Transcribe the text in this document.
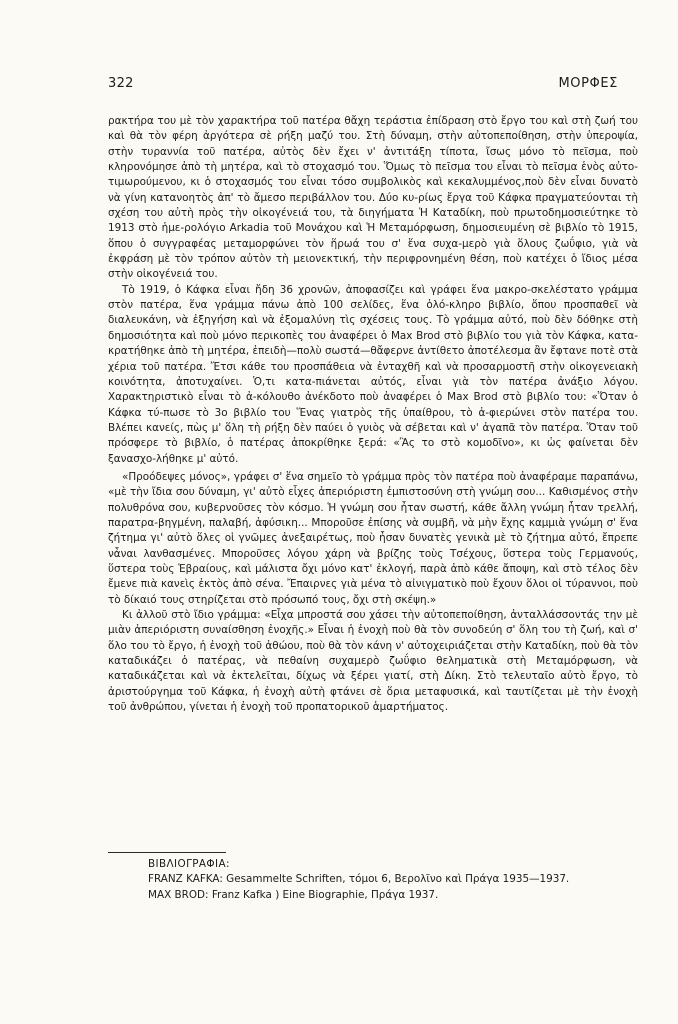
322	ΜΟΡΦΕΣ

ρακτήρα του μὲ τὸν χαρακτήρα τοῦ πατέρα θἄχη τεράστια ἐπίδραση στὸ ἔργο του καὶ στὴ ζωή του καὶ θὰ τὸν φέρη ἀργότερα σὲ ρήξη μαζύ του. Στὴ δύναμη, στὴν αὐτοπεποίθηση, στὴν ὑπεροψία, στὴν τυραννία τοῦ πατέρα, αὐτὸς δὲν ἔχει ν' ἀντιτάξη τίποτα, ἴσως μόνο τὸ πεῖσμα, ποὺ κληρονόμησε ἀπὸ τὴ μητέρα, καὶ τὸ στοχασμό του. Ὅμως τὸ πεῖσμα του εἶναι τὸ πεῖσμα ἑνὸς αὐτο-τιμωρούμενου, κι ὁ στοχασμός του εἶναι τόσο συμβολικὸς καὶ κεκαλυμμένος,ποὺ δὲν εἶναι δυνατὸ νὰ γίνη κατανοητὸς ἀπ' τὸ ἄμεσο περιβάλλον του. Δύο κυ-ρίως ἔργα τοῦ Κάφκα πραγματεύονται τὴ σχέση του αὐτὴ πρὸς τὴν οἰκογένειά του, τὰ διηγήματα Ἡ Καταδίκη, ποὺ πρωτοδημοσιεύτηκε τὸ 1913 στὸ ἡμε-ρολόγιο Arkadia τοῦ Μονάχου καὶ Ἡ Μεταμόρφωση, δημοσιευμένη σὲ βιβλίο τὸ 1915, ὅπου ὁ συγγραφέας μεταμορφώνει τὸν ἥρωά του σ' ἕνα συχα-μερὸ γιὰ ὅλους ζωΰφιο, γιὰ νὰ ἐκφράση μὲ τὸν τρόπον αὐτὸν τὴ μειονεκτική, τὴν περιφρονημένη θέση, ποὺ κατέχει ὁ ἴδιος μέσα στὴν οἰκογένειά του.

Τὸ 1919, ὁ Κάφκα εἶναι ἤδη 36 χρονῶν, ἀποφασίζει καὶ γράφει ἕνα μακρο-σκελέστατο γράμμα στὸν πατέρα, ἕνα γράμμα πάνω ἀπὸ 100 σελίδες, ἕνα ὁλό-κληρο βιβλίο, ὅπου προσπαθεῖ νὰ διαλευκάνη, νὰ ἐξηγήση καὶ νὰ ἐξομαλύνη τὶς σχέσεις τους. Τὸ γράμμα αὐτό, ποὺ δὲν δόθηκε στὴ δημοσιότητα καὶ ποὺ μόνο περικοπὲς του ἀναφέρει ὁ Max Brod στὸ βιβλίο του γιὰ τὸν Κάφκα, κατα-κρατήθηκε ἀπὸ τὴ μητέρα, ἐπειδὴ—πολὺ σωστά—θἄφερνε ἀντίθετο ἀποτέλεσμα ἂν ἔφτανε ποτὲ στὰ χέρια τοῦ πατέρα. Ἔτσι κάθε του προσπάθεια νὰ ἐνταχθῆ καὶ νὰ προσαρμοστῆ στὴν οἰκογενειακὴ κοινότητα, ἀποτυχαίνει. Ὁ,τι κατα-πιάνεται αὐτός, εἶναι γιὰ τὸν πατέρα ἀνάξιο λόγου. Χαρακτηριστικὸ εἶναι τὸ ἀ-κόλουθο ἀνέκδοτο ποὺ ἀναφέρει ὁ Max Brod στὸ βιβλίο του: «Ὅταν ὁ Κάφκα τύ-πωσε τὸ 3ο βιβλίο του Ἕνας γιατρὸς τῆς ὑπαίθρου, τὸ ἀ-φιερώνει στὸν πατέρα του. Βλέπει κανείς, πὼς μ' ὅλη τὴ ρήξη δὲν παύει ὁ γυιὸς νὰ σέβεται καὶ ν' ἀγαπᾶ τὸν πατέρα. Ὅταν τοῦ πρόσφερε τὸ βιβλίο, ὁ πατέρας ἀποκρίθηκε ξερά: «Ἂς το στὸ κομοδῖνο», κι ὡς φαίνεται δὲν ξανασχο-λήθηκε μ' αὐτό.

«Προόδεψες μόνος», γράφει σ' ἕνα σημεῖο τὸ γράμμα πρὸς τὸν πατέρα ποὺ ἀναφέραμε παραπάνω, «μὲ τὴν ἴδια σου δύναμη, γι' αὐτὸ εἶχες ἀπεριόριστη ἐμπιστοσύνη στὴ γνώμη σου... Καθισμένος στὴν πολυθρόνα σου, κυβερνοῦσες τὸν κόσμο. Ἡ γνώμη σου ἦταν σωστή, κάθε ἄλλη γνώμη ἦταν τρελλή, παρατρα-βηγμένη, παλαβή, ἀφύσικη... Μποροῦσε ἐπίσης νὰ συμβῆ, νὰ μὴν ἔχης καμμιὰ γνώμη σ' ἕνα ζήτημα γι' αὐτὸ ὅλες οἱ γνῶμες ἀνεξαιρέτως, ποὺ ἦσαν δυνατὲς γενικὰ μὲ τὸ ζήτημα αὐτό, ἔπρεπε νἆναι λανθασμένες. Μποροῦσες λόγου χάρη νὰ βρίζης τοὺς Τσέχους, ὕστερα τοὺς Γερμανούς, ὕστερα τοὺς Ἑβραίους, καὶ μάλιστα ὄχι μόνο κατ' ἐκλογή, παρὰ ἀπὸ κάθε ἄποψη, καὶ στὸ τέλος δὲν ἔμενε πιὰ κανεὶς ἐκτὸς ἀπὸ σένα. Ἔπαιρνες γιὰ μένα τὸ αἰνιγματικὸ ποὺ ἔχουν ὅλοι οἱ τύραννοι, ποὺ τὸ δίκαιό τους στηρίζεται στὸ πρόσωπό τους, ὄχι στὴ σκέψη.»

Κι ἀλλοῦ στὸ ἴδιο γράμμα: «Εἶχα μπροστά σου χάσει τὴν αὐτοπεποίθηση, ἀνταλλάσσοντάς την μὲ μιὰν ἀπεριόριστη συναίσθηση ἐνοχῆς.» Εἶναι ἡ ἐνοχὴ ποὺ θὰ τὸν συνοδεύη σ' ὅλη του τὴ ζωή, καὶ σ' ὅλο του τὸ ἔργο, ἡ ἐνοχὴ τοῦ ἀθώου, ποὺ θὰ τὸν κάνη ν' αὐτοχειριάζεται στὴν Καταδίκη, ποὺ θὰ τὸν καταδικάζει ὁ πατέρας, νὰ πεθαίνη συχαμερὸ ζωΰφιο θεληματικὰ στὴ Μεταμόρφωση, νὰ καταδικάζεται καὶ νὰ ἐκτελεῖται, δίχως νὰ ξέρει γιατί, στὴ Δίκη. Στὸ τελευταῖο αὐτὸ ἔργο, τὸ ἀριστούργημα τοῦ Κάφκα, ἡ ἐνοχὴ αὐτὴ φτάνει σὲ ὅρια μεταφυσικά, καὶ ταυτίζεται μὲ τὴν ἐνοχὴ τοῦ ἀνθρώπου, γίνεται ἡ ἐνοχὴ τοῦ προπατορικοῦ ἁμαρτήματος.

ΒΙΒΛΙΟΓΡΑΦΙΑ:
FRANZ KAFKA: Gesammelte Schriften, τόμοι 6, Βερολῖνο καὶ Πράγα 1935—1937.
MAX BROD: Franz Kafka ) Eine Biographie, Πράγα 1937.
